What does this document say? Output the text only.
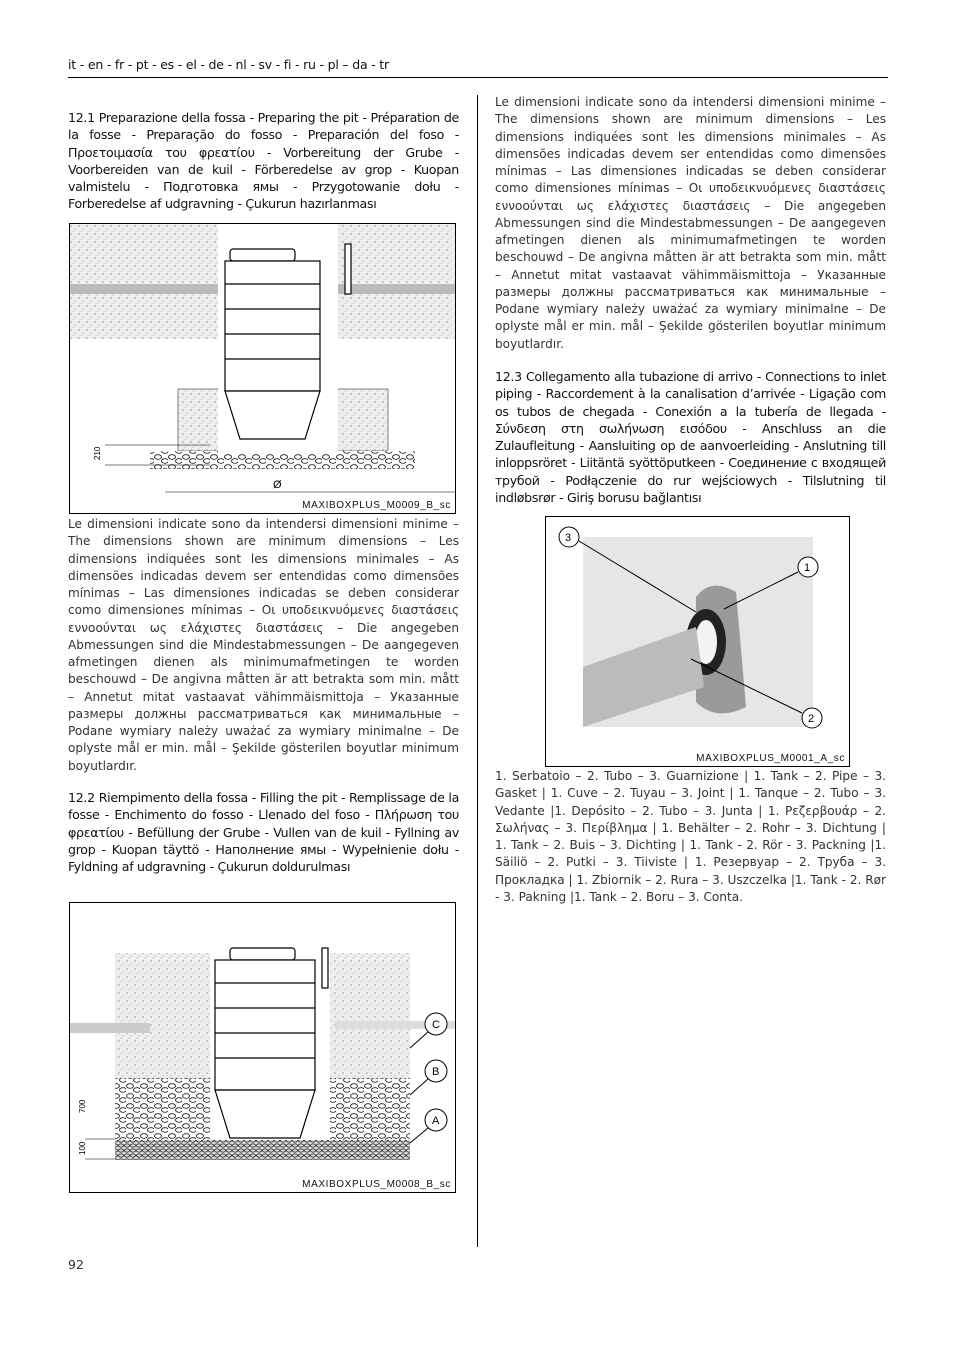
it - en - fr - pt - es - el - de - nl - sv - fi - ru - pl – da - tr
12.1 Preparazione della fossa - Preparing the pit - Préparation de la fosse - Preparação do fosso - Preparación del foso - Προετοιμασία του φρεατίου - Vorbereitung der Grube - Voorbereiden van de kuil - Förberedelse av grop - Kuopan valmistelu - Подготовка ямы - Przygotowanie dołu - Forberedelse af udgravning - Çukurun hazırlanması
210
Ø
MAXIBOXPLUS_M0009_B_sc
Le dimensioni indicate sono da intendersi dimensioni minime – The dimensions shown are minimum dimensions – Les dimensions indiquées sont les dimensions minimales – As dimensões indicadas devem ser entendidas como dimensões mínimas – Las dimensiones indicadas se deben considerar como dimensiones mínimas – Οι υποδεικνυόμενες διαστάσεις εννοούνται ως ελάχιστες διαστάσεις – Die angegeben Abmessungen sind die Mindestabmessungen – De aangegeven afmetingen dienen als minimumafmetingen te worden beschouwd – De angivna måtten är att betrakta som min. mått – Annetut mitat vastaavat vähimmäismittoja – Указанные размеры должны рассматриваться как минимальные – Podane wymiary należy uważać za wymiary minimalne – De oplyste mål er min. mål – Şekilde gösterilen boyutlar minimum boyutlardır.
12.2 Riempimento della fossa - Filling the pit - Remplissage de la fosse - Enchimento do fosso - Llenado del foso - Πλήρωση του φρεατίου - Befüllung der Grube - Vullen van de kuil - Fyllning av grop - Kuopan täyttö - Наполнение ямы - Wypełnienie dołu - Fyldning af udgravning - Çukurun doldurulması
700
100
C
B
A
MAXIBOXPLUS_M0008_B_sc
Le dimensioni indicate sono da intendersi dimensioni minime – The dimensions shown are minimum dimensions – Les dimensions indiquées sont les dimensions minimales – As dimensões indicadas devem ser entendidas como dimensões mínimas – Las dimensiones indicadas se deben considerar como dimensiones mínimas – Οι υποδεικνυόμενες διαστάσεις εννοούνται ως ελάχιστες διαστάσεις – Die angegeben Abmessungen sind die Mindestabmessungen – De aangegeven afmetingen dienen als minimumafmetingen te worden beschouwd – De angivna måtten är att betrakta som min. mått – Annetut mitat vastaavat vähimmäismittoja – Указанные размеры должны рассматриваться как минимальные – Podane wymiary należy uważać za wymiary minimalne – De oplyste mål er min. mål – Şekilde gösterilen boyutlar minimum boyutlardır.
12.3 Collegamento alla tubazione di arrivo - Connections to inlet piping - Raccordement à la canalisation d’arrivée - Ligação com os tubos de chegada - Conexión a la tubería de llegada - Σύνδεση στη σωλήνωση εισόδου - Anschluss an die Zulaufleitung - Aansluiting op de aanvoerleiding - Anslutning till inloppsröret - Liitäntä syöttöputkeen - Соединение с входящей трубой - Podłączenie do rur wejściowych - Tilslutning til indløbsrør - Giriş borusu bağlantısı
3
1
2
MAXIBOXPLUS_M0001_A_sc
1. Serbatoio – 2. Tubo – 3. Guarnizione | 1. Tank – 2. Pipe – 3. Gasket | 1. Cuve – 2. Tuyau – 3. Joint | 1. Tanque – 2. Tubo – 3. Vedante |1. Depósito – 2. Tubo – 3. Junta | 1. Ρεζερβουάρ – 2. Σωλήνας – 3. Περίβλημα | 1. Behälter – 2. Rohr – 3. Dichtung | 1. Tank – 2. Buis – 3. Dichting | 1. Tank - 2. Rör - 3. Packning |1. Säiliö – 2. Putki – 3. Tiiviste | 1. Резервуар – 2. Труба – 3. Прокладка | 1. Zbiornik – 2. Rura – 3. Uszczelka |1. Tank - 2. Rør - 3. Pakning |1. Tank – 2. Boru – 3. Conta.
92
